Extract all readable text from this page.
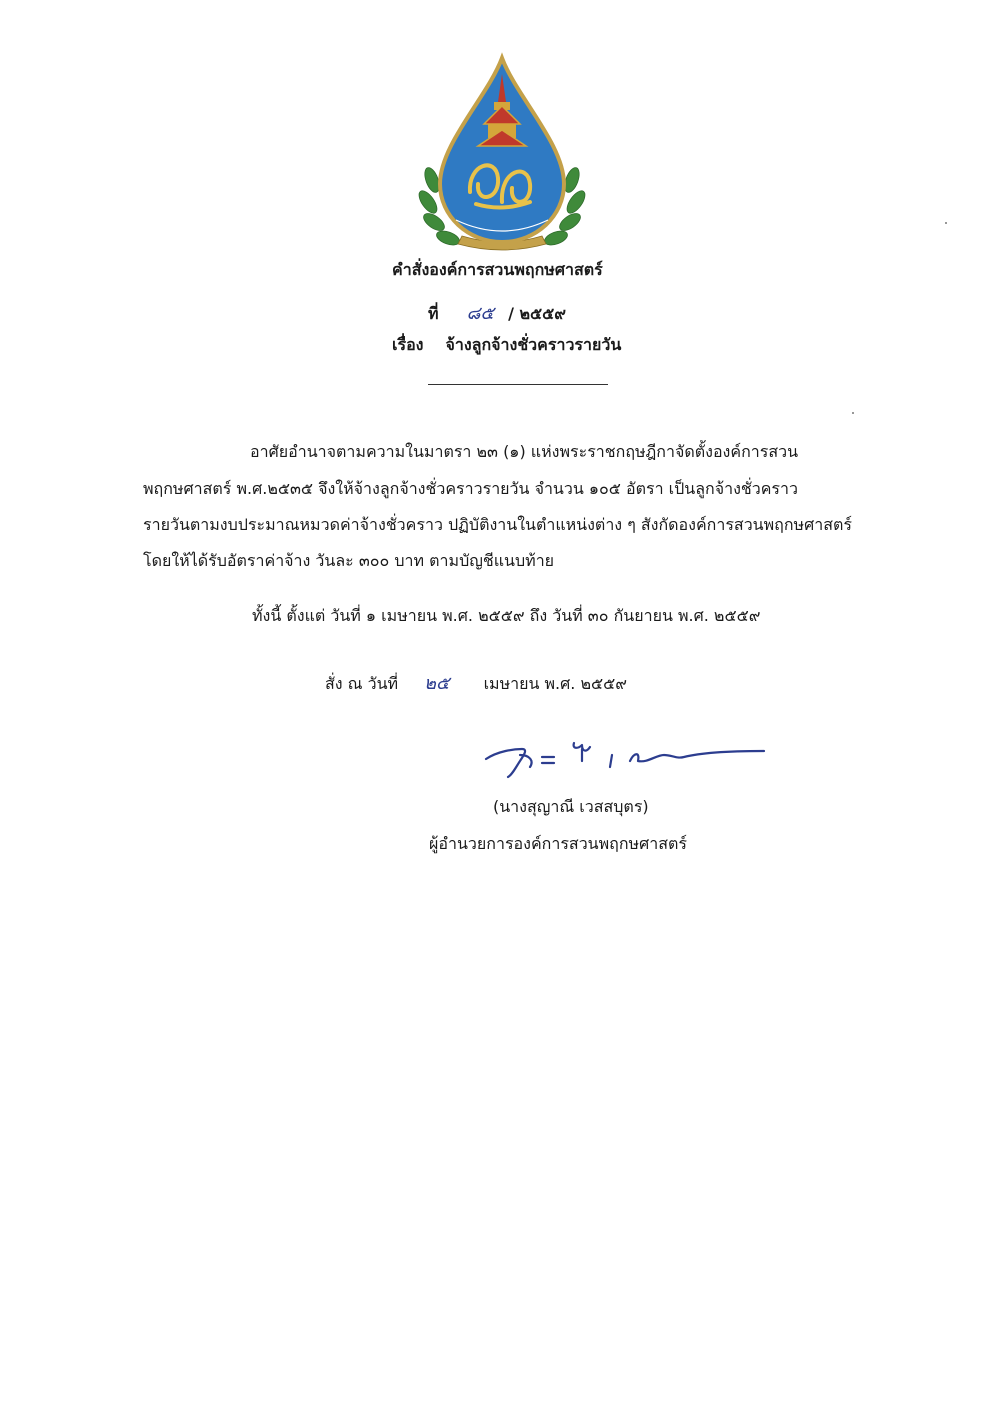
คำสั่งองค์การสวนพฤกษศาสตร์
ที่ ๘๕ / ๒๕๕๙
เรื่อง จ้างลูกจ้างชั่วคราวรายวัน
อาศัยอำนาจตามความในมาตรา ๒๓ (๑) แห่งพระราชกฤษฎีกาจัดตั้งองค์การสวน
พฤกษศาสตร์ พ.ศ.๒๕๓๕ จึงให้จ้างลูกจ้างชั่วคราวรายวัน จำนวน ๑๐๕ อัตรา เป็นลูกจ้างชั่วคราว
รายวันตามงบประมาณหมวดค่าจ้างชั่วคราว ปฏิบัติงานในตำแหน่งต่าง ๆ สังกัดองค์การสวนพฤกษศาสตร์
โดยให้ได้รับอัตราค่าจ้าง วันละ ๓๐๐ บาท ตามบัญชีแนบท้าย
ทั้งนี้ ตั้งแต่ วันที่ ๑ เมษายน พ.ศ. ๒๕๕๙ ถึง วันที่ ๓๐ กันยายน พ.ศ. ๒๕๕๙
สั่ง ณ วันที่ ๒๕ เมษายน พ.ศ. ๒๕๕๙
(นางสุญาณี เวสสบุตร)
ผู้อำนวยการองค์การสวนพฤกษศาสตร์
